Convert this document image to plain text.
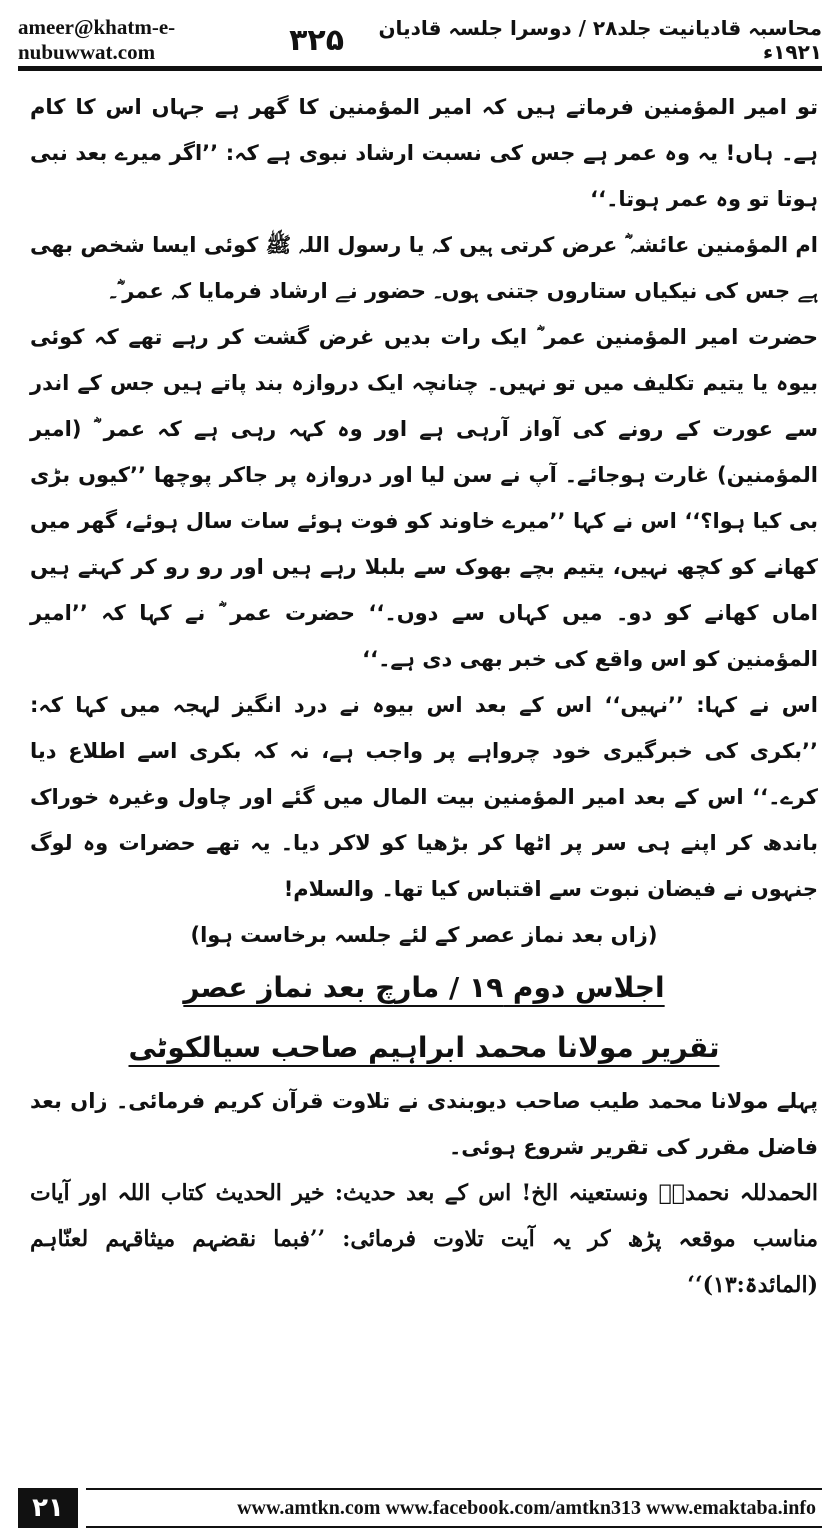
ameer@khatm-e-nubuwwat.com
محاسبہ قادیانیت جلد۲۸ / دوسرا جلسہ قادیان ۱۹۲۱ء
۳۲۵

تو امیر المؤمنین فرماتے ہیں کہ امیر المؤمنین کا گھر ہے جہاں اس کا کام ہے۔ ہاں! یہ وہ عمر ہے جس کی نسبت ارشاد نبوی ہے کہ: ’’اگر میرے بعد نبی ہوتا تو وہ عمر ہوتا۔‘‘

ام المؤمنین عائشہ ؓ عرض کرتی ہیں کہ یا رسول اللہ ﷺ کوئی ایسا شخص بھی ہے جس کی نیکیاں ستاروں جتنی ہوں۔ حضور نے ارشاد فرمایا کہ عمر ؓ۔

حضرت امیر المؤمنین عمر ؓ ایک رات بدیں غرض گشت کر رہے تھے کہ کوئی بیوہ یا یتیم تکلیف میں تو نہیں۔ چنانچہ ایک دروازہ بند پاتے ہیں جس کے اندر سے عورت کے رونے کی آواز آرہی ہے اور وہ کہہ رہی ہے کہ عمر ؓ (امیر المؤمنین) غارت ہوجائے۔ آپ نے سن لیا اور دروازہ پر جاکر پوچھا ’’کیوں بڑی بی کیا ہوا؟‘‘ اس نے کہا ’’میرے خاوند کو فوت ہوئے سات سال ہوئے، گھر میں کھانے کو کچھ نہیں، یتیم بچے بھوک سے بلبلا رہے ہیں اور رو رو کر کہتے ہیں اماں کھانے کو دو۔ میں کہاں سے دوں۔‘‘ حضرت عمر ؓ نے کہا کہ ’’امیر المؤمنین کو اس واقع کی خبر بھی دی ہے۔‘‘

اس نے کہا: ’’نہیں‘‘ اس کے بعد اس بیوہ نے درد انگیز لہجہ میں کہا کہ: ’’بکری کی خبرگیری خود چرواہے پر واجب ہے، نہ کہ بکری اسے اطلاع دیا کرے۔‘‘ اس کے بعد امیر المؤمنین بیت المال میں گئے اور چاول وغیرہ خوراک باندھ کر اپنے ہی سر پر اٹھا کر بڑھیا کو لاکر دیا۔ یہ تھے حضرات وہ لوگ جنہوں نے فیضان نبوت سے اقتباس کیا تھا۔ والسلام!

(زاں بعد نماز عصر کے لئے جلسہ برخاست ہوا)

اجلاس دوم ۱۹ / مارچ بعد نماز عصر
تقریر مولانا محمد ابراہیم صاحب سیالکوٹی

پہلے مولانا محمد طیب صاحب دیوبندی نے تلاوت قرآن کریم فرمائی۔ زاں بعد فاضل مقرر کی تقریر شروع ہوئی۔

الحمدللہ نحمدہٗ ونستعینہ الخ! اس کے بعد حدیث: خیر الحدیث کتاب اللہ اور آیات مناسب موقعہ پڑھ کر یہ آیت تلاوت فرمائی: ’’فبما نقضہم میثاقہم لعنّاہم (المائدۃ:۱۳)‘‘

۲۱	www.amtkn.com www.facebook.com/amtkn313 www.emaktaba.info
